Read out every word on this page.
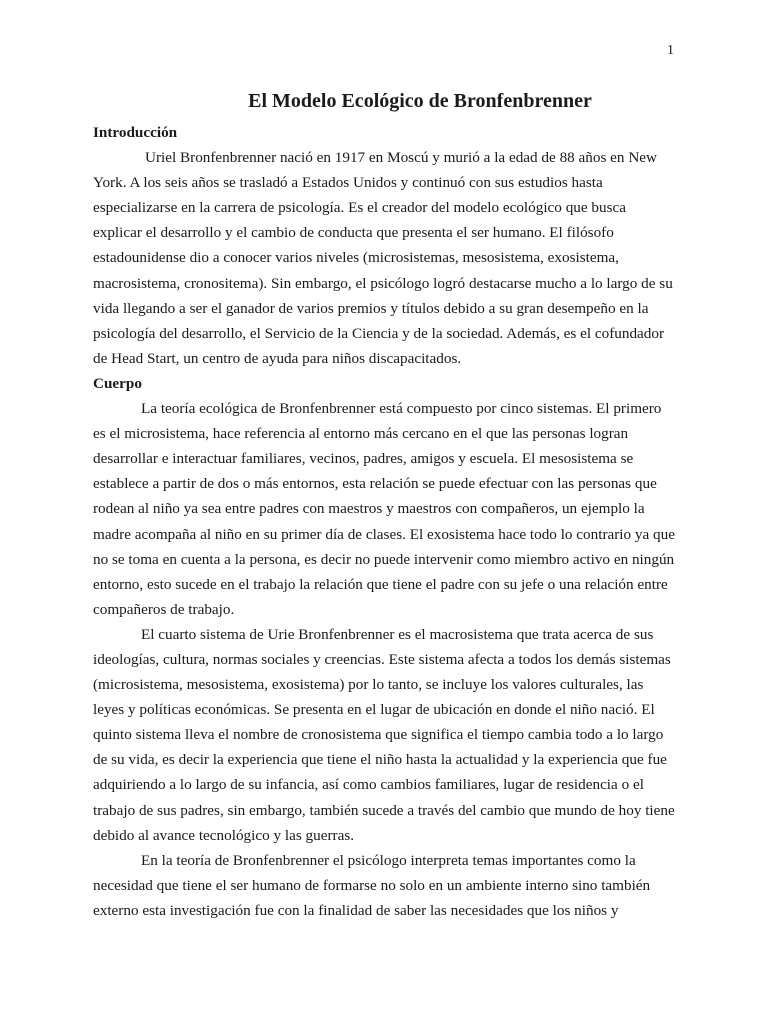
1
El Modelo Ecológico de Bronfenbrenner

Introducción

Uriel Bronfenbrenner nació en 1917 en Moscú y murió a la edad de 88 años en New York. A los seis años se trasladó a Estados Unidos y continuó con sus estudios hasta especializarse en la carrera de psicología. Es el creador del modelo ecológico que busca explicar el desarrollo y el cambio de conducta que presenta el ser humano. El filósofo estadounidense dio a conocer varios niveles (microsistemas, mesosistema, exosistema, macrosistema, cronositema). Sin embargo, el psicólogo logró destacarse mucho a lo largo de su vida llegando a ser el ganador de varios premios y títulos debido a su gran desempeño en la psicología del desarrollo, el Servicio de la Ciencia y de la sociedad. Además, es el cofundador de Head Start, un centro de ayuda para niños discapacitados.

Cuerpo

La teoría ecológica de Bronfenbrenner está compuesto por cinco sistemas. El primero es el microsistema, hace referencia al entorno más cercano en el que las personas logran desarrollar e interactuar familiares, vecinos, padres, amigos y escuela. El mesosistema se establece a partir de dos o más entornos, esta relación se puede efectuar con las personas que rodean al niño ya sea entre padres con maestros y maestros con compañeros, un ejemplo la madre acompaña al niño en su primer día de clases. El exosistema hace todo lo contrario ya que no se toma en cuenta a la persona, es decir no puede intervenir como miembro activo en ningún entorno, esto sucede en el trabajo la relación que tiene el padre con su jefe o una relación entre compañeros de trabajo.

El cuarto sistema de Urie Bronfenbrenner es el macrosistema que trata acerca de sus ideologías, cultura, normas sociales y creencias. Este sistema afecta a todos los demás sistemas (microsistema, mesosistema, exosistema) por lo tanto, se incluye los valores culturales, las leyes y políticas económicas. Se presenta en el lugar de ubicación en donde el niño nació. El quinto sistema lleva el nombre de cronosistema que significa el tiempo cambia todo a lo largo de su vida, es decir la experiencia que tiene el niño hasta la actualidad y la experiencia que fue adquiriendo a lo largo de su infancia, así como cambios familiares, lugar de residencia o el trabajo de sus padres, sin embargo, también sucede a través del cambio que mundo de hoy tiene debido al avance tecnológico y las guerras.

En la teoría de Bronfenbrenner el psicólogo interpreta temas importantes como la necesidad que tiene el ser humano de formarse no solo en un ambiente interno sino también externo esta investigación fue con la finalidad de saber las necesidades que los niños y
